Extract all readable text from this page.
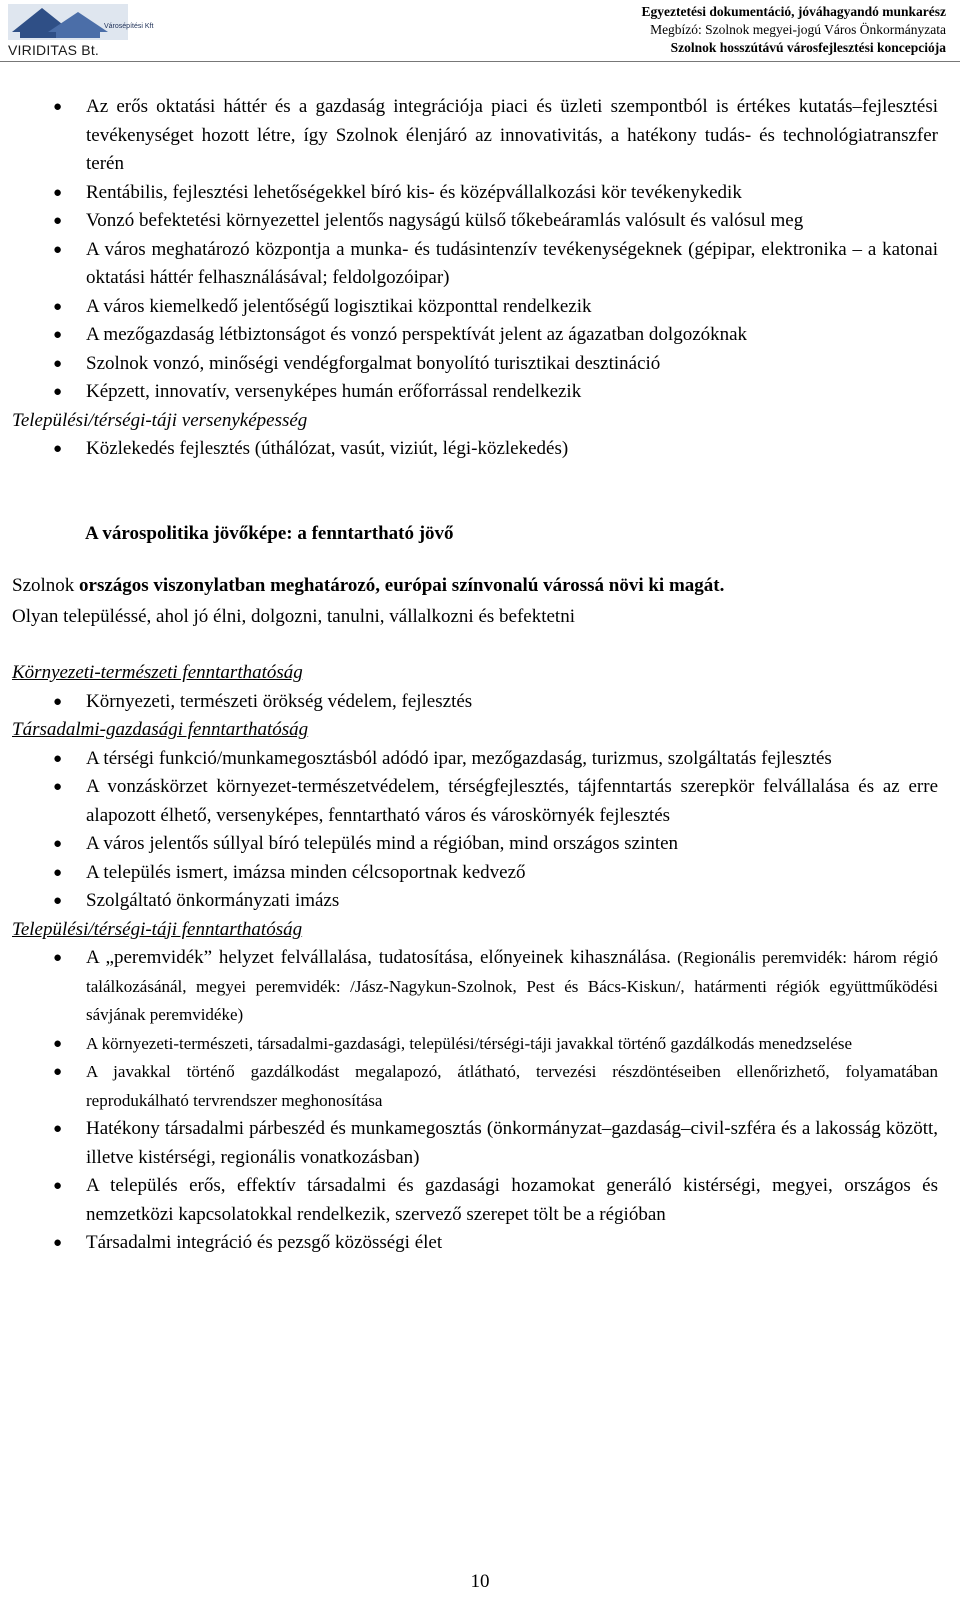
Városépítési Kft
VIRIDITAS Bt.
Egyeztetési dokumentáció, jóváhagyandó munkarész
Megbízó: Szolnok megyei-jogú Város Önkormányzata
Szolnok hosszútávú városfejlesztési koncepciója
● Az erős oktatási háttér és a gazdaság integrációja piaci és üzleti szempontból is értékes kutatás–fejlesztési tevékenységet hozott létre, így Szolnok élenjáró az innovativitás, a hatékony tudás- és technológiatranszfer terén
● Rentábilis, fejlesztési lehetőségekkel bíró kis- és középvállalkozási kör tevékenykedik
● Vonzó befektetési környezettel jelentős nagyságú külső tőkebeáramlás valósult és valósul meg
● A város meghatározó központja a munka- és tudásintenzív tevékenységeknek (gépipar, elektronika – a katonai oktatási háttér felhasználásával; feldolgozóipar)
● A város kiemelkedő jelentőségű logisztikai központtal rendelkezik
● A mezőgazdaság létbiztonságot és vonzó perspektívát jelent az ágazatban dolgozóknak
● Szolnok vonzó, minőségi vendégforgalmat bonyolító turisztikai desztináció
● Képzett, innovatív, versenyképes humán erőforrással rendelkezik
Települési/térségi-táji versenyképesség
● Közlekedés fejlesztés (úthálózat, vasút, viziút, légi-közlekedés)
A várospolitika jövőképe: a fenntartható jövő
Szolnok országos viszonylatban meghatározó, európai színvonalú várossá növi ki magát.
Olyan településsé, ahol jó élni, dolgozni, tanulni, vállalkozni és befektetni
Környezeti-természeti fenntarthatóság
● Környezeti, természeti örökség védelem, fejlesztés
Társadalmi-gazdasági fenntarthatóság
● A térségi funkció/munkamegosztásból adódó ipar, mezőgazdaság, turizmus, szolgáltatás fejlesztés
● A vonzáskörzet környezet-természetvédelem, térségfejlesztés, tájfenntartás szerepkör felvállalása és az erre alapozott élhető, versenyképes, fenntartható város és városkörnyék fejlesztés
● A város jelentős súllyal bíró település mind a régióban, mind országos szinten
● A település ismert, imázsa minden célcsoportnak kedvező
● Szolgáltató önkormányzati imázs
Települési/térségi-táji fenntarthatóság
● A „peremvidék” helyzet felvállalása, tudatosítása, előnyeinek kihasználása. (Regionális peremvidék: három régió találkozásánál, megyei peremvidék: /Jász-Nagykun-Szolnok, Pest és Bács-Kiskun/, határmenti régiók együttműködési sávjának peremvidéke)
● A környezeti-természeti, társadalmi-gazdasági, települési/térségi-táji javakkal történő gazdálkodás menedzselése
● A javakkal történő gazdálkodást megalapozó, átlátható, tervezési részdöntéseiben ellenőrizhető, folyamatában reprodukálható tervrendszer meghonosítása
● Hatékony társadalmi párbeszéd és munkamegosztás (önkormányzat–gazdaság–civil-szféra és a lakosság között, illetve kistérségi, regionális vonatkozásban)
● A település erős, effektív társadalmi és gazdasági hozamokat generáló kistérségi, megyei, országos és nemzetközi kapcsolatokkal rendelkezik, szervező szerepet tölt be a régióban
● Társadalmi integráció és pezsgő közösségi élet
10
